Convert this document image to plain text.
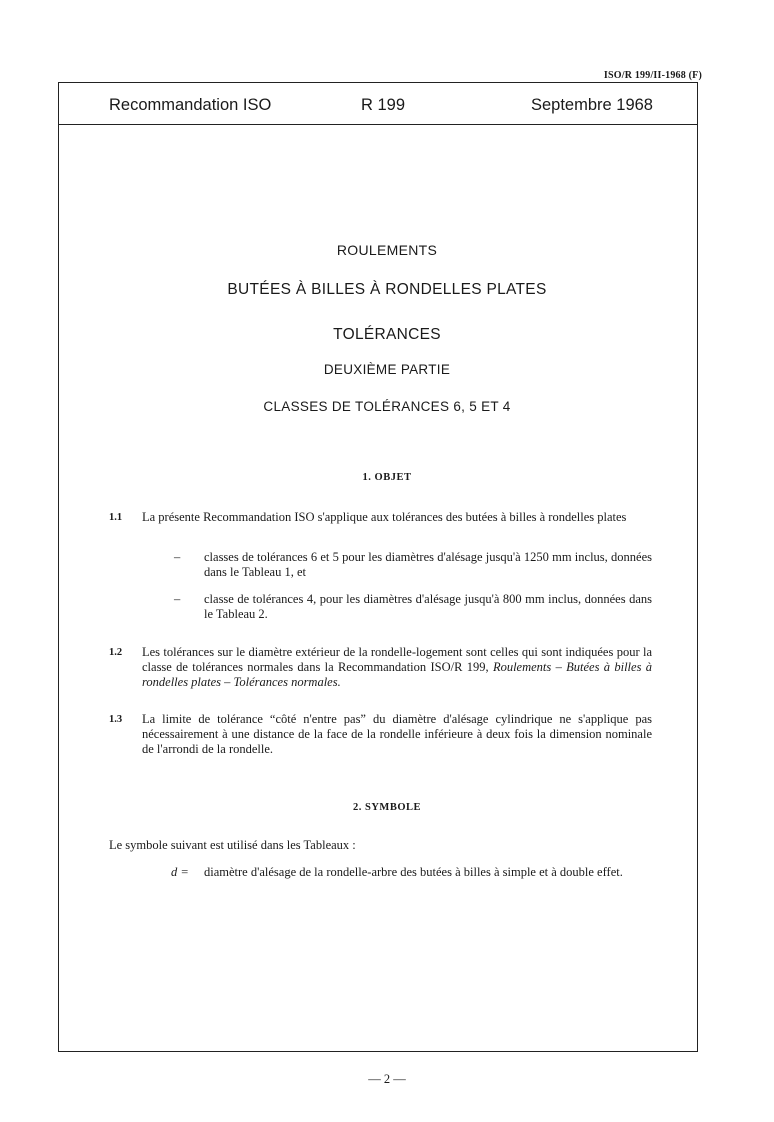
ISO/R 199/II-1968 (F)
Recommandation ISO	R 199	Septembre 1968
ROULEMENTS
BUTÉES À BILLES À RONDELLES PLATES
TOLÉRANCES
DEUXIÈME PARTIE
CLASSES DE TOLÉRANCES 6, 5 ET 4
1. OBJET
1.1 La présente Recommandation ISO s'applique aux tolérances des butées à billes à rondelles plates
– classes de tolérances 6 et 5 pour les diamètres d'alésage jusqu'à 1250 mm inclus, données dans le Tableau 1, et
– classe de tolérances 4, pour les diamètres d'alésage jusqu'à 800 mm inclus, données dans le Tableau 2.
1.2 Les tolérances sur le diamètre extérieur de la rondelle-logement sont celles qui sont indiquées pour la classe de tolérances normales dans la Recommandation ISO/R 199, Roulements – Butées à billes à rondelles plates – Tolérances normales.
1.3 La limite de tolérance “côté n'entre pas” du diamètre d'alésage cylindrique ne s'applique pas nécessairement à une distance de la face de la rondelle inférieure à deux fois la dimension nominale de l'arrondi de la rondelle.
2. SYMBOLE
Le symbole suivant est utilisé dans les Tableaux :
d = diamètre d'alésage de la rondelle-arbre des butées à billes à simple et à double effet.
— 2 —
